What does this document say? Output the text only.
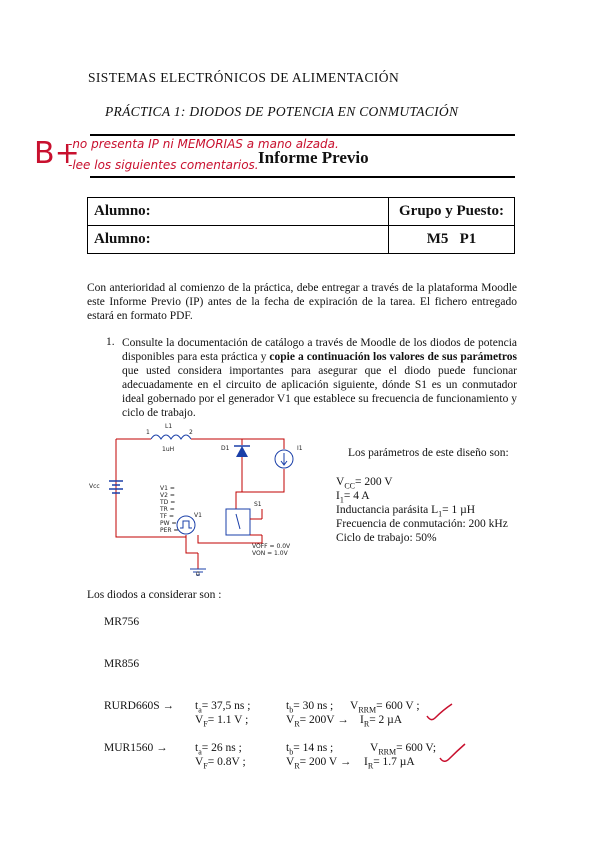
SISTEMAS ELECTRÓNICOS DE ALIMENTACIÓN
PRÁCTICA 1: DIODOS DE POTENCIA EN CONMUTACIÓN
Informe Previo
B+
-no presenta IP ni MEMORIAS a mano alzada.
-lee los siguientes comentarios.
Alumno:	Grupo y Puesto:
Alumno:	M5   P1
Con anterioridad al comienzo de la práctica, debe entregar a través de la plataforma Moodle este Informe Previo (IP) antes de la fecha de expiración de la tarea. El fichero entregado estará en formato PDF.
1. Consulte la documentación de catálogo a través de Moodle de los diodos de potencia disponibles para esta práctica y copie a continuación los valores de sus parámetros que usted considera importantes para asegurar que el diodo puede funcionar adecuadamente en el circuito de aplicación siguiente, dónde S1 es un conmutador ideal gobernado por el generador V1 que establece su frecuencia de funcionamiento y ciclo de trabajo.
L1
1uH
1	2
D1	I1
Vcc
V1
S1
0
V1 =
V2 =
TD =
TR =
TF =
PW =
PER =
VOFF = 0.0V
VON = 1.0V
Los parámetros de este diseño son:
$V_{CC}= 200$ V
$I_1= 4$ A
Inductancia parásita $L_1= 1$ µH
Frecuencia de conmutación: 200 kHz
Ciclo de trabajo: 50%
Los diodos a considerar son :
MR756
MR856
RURD660S → $t_a= 37,5$ ns ;	$t_b= 30$ ns ; $V_{RRM}= 600$ V ;
$V_F= 1.1$ V ;	$V_R= 200V \to I_R= 2$ µA
$MUR1560 \to t_a= 26$ ns ;	$t_b= 14$ ns ;	$V_{RRM}= 600$ V;
$V_F= 0.8V$ ;	$V_R= 200$ $V \to I_R= 1.7$ µA
